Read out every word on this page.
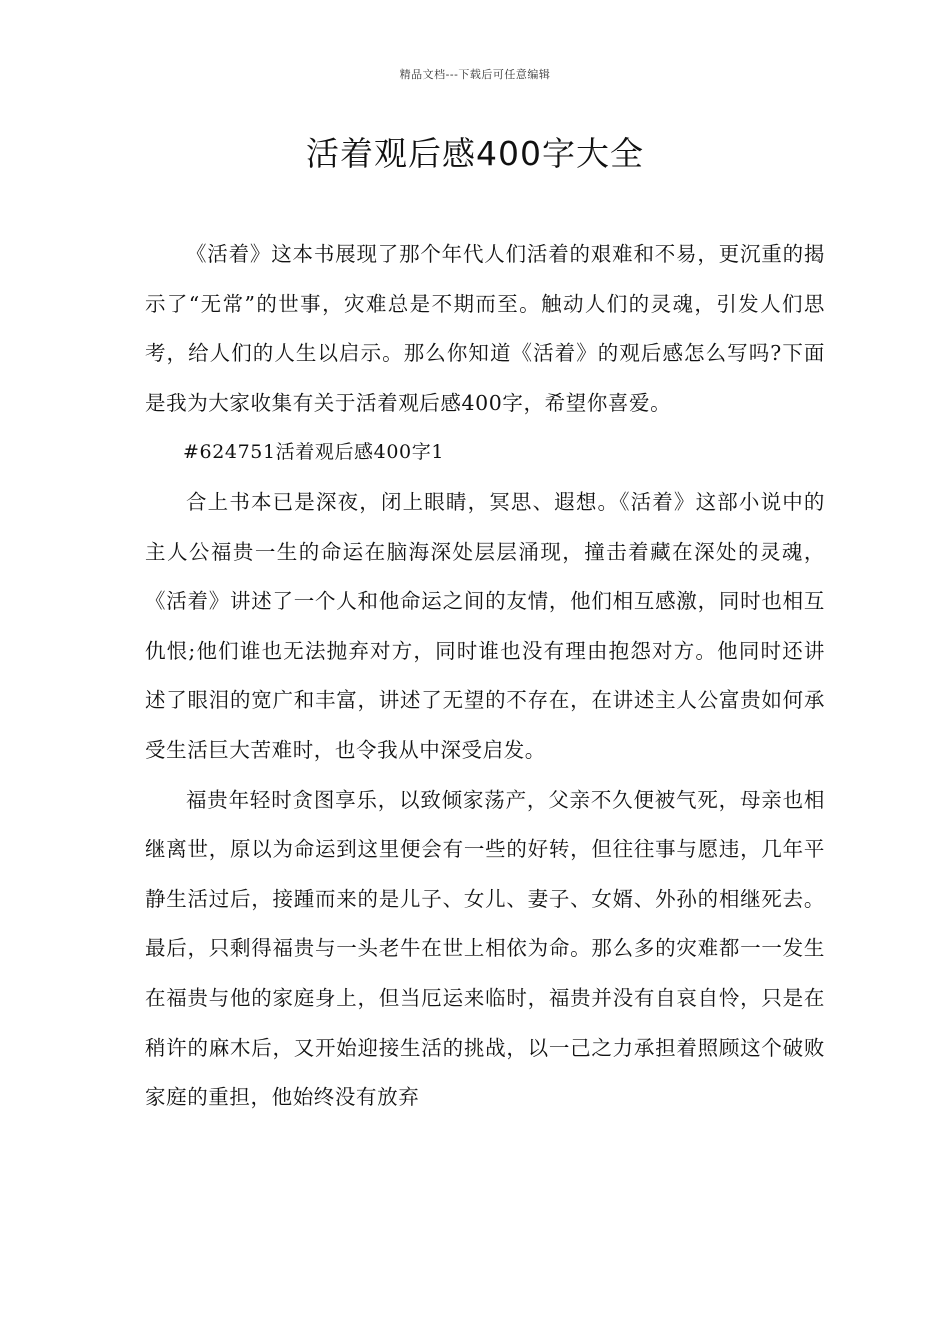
精品文档---下载后可任意编辑
活着观后感400字大全

《活着》这本书展现了那个年代人们活着的艰难和不易，更沉重的揭示了“无常”的世事，灾难总是不期而至。触动人们的灵魂，引发人们思考，给人们的人生以启示。那么你知道《活着》的观后感怎么写吗?下面是我为大家收集有关于活着观后感400字，希望你喜爱。

#624751活着观后感400字1

合上书本已是深夜，闭上眼睛，冥思、遐想。《活着》这部小说中的主人公福贵一生的命运在脑海深处层层涌现，撞击着藏在深处的灵魂，《活着》讲述了一个人和他命运之间的友情，他们相互感激，同时也相互仇恨;他们谁也无法抛弃对方，同时谁也没有理由抱怨对方。他同时还讲述了眼泪的宽广和丰富，讲述了无望的不存在，在讲述主人公富贵如何承受生活巨大苦难时，也令我从中深受启发。

福贵年轻时贪图享乐，以致倾家荡产，父亲不久便被气死，母亲也相继离世，原以为命运到这里便会有一些的好转，但往往事与愿违，几年平静生活过后，接踵而来的是儿子、女儿、妻子、女婿、外孙的相继死去。最后，只剩得福贵与一头老牛在世上相依为命。那么多的灾难都一一发生在福贵与他的家庭身上，但当厄运来临时，福贵并没有自哀自怜，只是在稍许的麻木后，又开始迎接生活的挑战，以一己之力承担着照顾这个破败家庭的重担，他始终没有放弃
